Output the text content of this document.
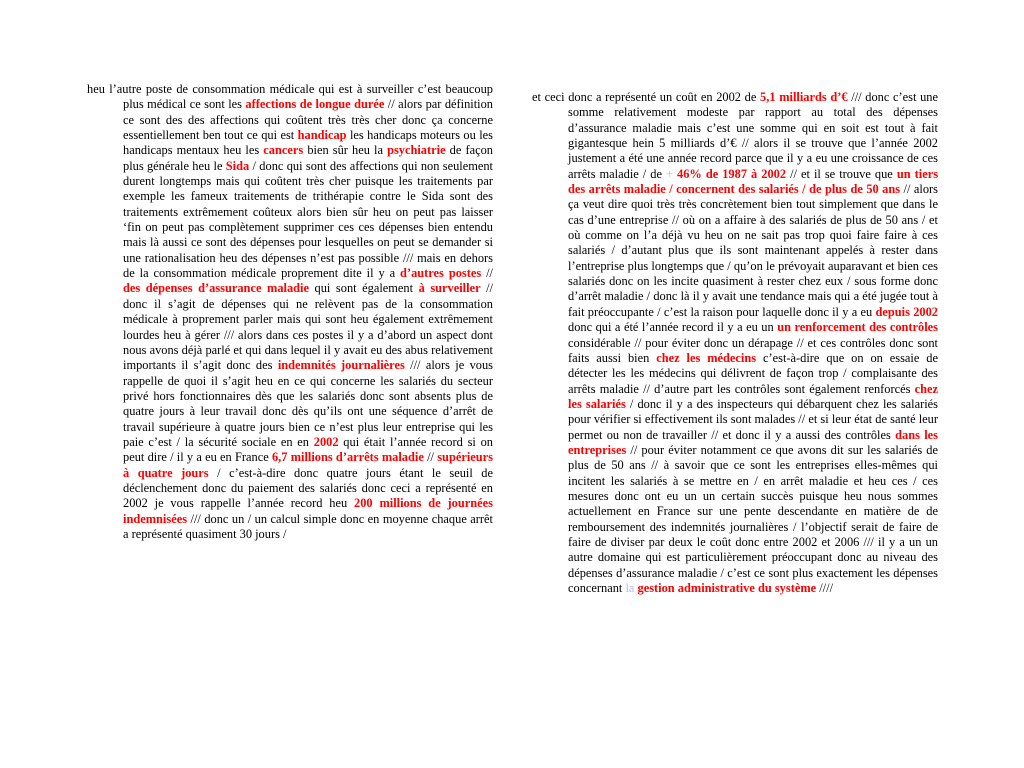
heu l’autre poste de consommation médicale qui est à surveiller c’est beaucoup plus médical ce sont les affections de longue durée // alors par définition ce sont des des affections qui coûtent très très cher donc ça concerne essentiellement ben tout ce qui est handicap les handicaps moteurs ou les handicaps mentaux heu les cancers bien sûr heu la psychiatrie de façon plus générale heu le Sida / donc qui sont des affections qui non seulement durent longtemps mais qui coûtent très cher puisque les traitements par exemple les fameux traitements de trithérapie contre le Sida sont des traitements extrêmement coûteux alors bien sûr heu on peut pas laisser ‘fin on peut pas complètement supprimer ces ces dépenses bien entendu mais là aussi ce sont des dépenses pour lesquelles on peut se demander si une rationalisation heu des dépenses n’est pas possible /// mais en dehors de la consommation médicale proprement dite il y a d’autres postes // des dépenses d’assurance maladie qui sont également à surveiller // donc il s’agit de dépenses qui ne relèvent pas de la consommation médicale à proprement parler mais qui sont heu également extrêmement lourdes heu à gérer /// alors dans ces postes il y a d’abord un aspect dont nous avons déjà parlé et qui dans lequel il y avait eu des abus relativement importants il s’agit donc des indemnités journalières /// alors je vous rappelle de quoi il s’agit heu en ce qui concerne les salariés du secteur privé hors fonctionnaires dès que les salariés donc sont absents plus de quatre jours à leur travail donc dès qu’ils ont une séquence d’arrêt de travail supérieure à quatre jours bien ce n’est plus leur entreprise qui les paie c’est / la sécurité sociale en en 2002 qui était l’année record si on peut dire / il y a eu en France 6,7 millions d’arrêts maladie // supérieurs à quatre jours / c’est-à-dire donc quatre jours étant le seuil de déclenchement donc du paiement des salariés donc ceci a représenté en 2002 je vous rappelle l’année record heu 200 millions de journées indemnisées /// donc un / un calcul simple donc en moyenne chaque arrêt a représenté quasiment 30 jours /
et ceci donc a représenté un coût en 2002 de 5,1 milliards d’€ /// donc c’est une somme relativement modeste par rapport au total des dépenses d’assurance maladie mais c’est une somme qui en soit est tout à fait gigantesque hein 5 milliards d’€ // alors il se trouve que l’année 2002 justement a été une année record parce que il y a eu une croissance de ces arrêts maladie / de + 46% de 1987 à 2002 // et il se trouve que un tiers des arrêts maladie / concernent des salariés / de plus de 50 ans // alors ça veut dire quoi très très concrètement bien tout simplement que dans le cas d’une entreprise // où on a affaire à des salariés de plus de 50 ans / et où comme on l’a déjà vu heu on ne sait pas trop quoi faire faire à ces salariés / d’autant plus que ils sont maintenant appelés à rester dans l’entreprise plus longtemps que / qu’on le prévoyait auparavant et bien ces salariés donc on les incite quasiment à rester chez eux / sous forme donc d’arrêt maladie / donc là il y avait une tendance mais qui a été jugée tout à fait préoccupante / c’est la raison pour laquelle donc il y a eu depuis 2002 donc qui a été l’année record il y a eu un un renforcement des contrôles considérable // pour éviter donc un dérapage // et ces contrôles donc sont faits aussi bien chez les médecins c’est-à-dire que on on essaie de détecter les les médecins qui délivrent de façon trop / complaisante des arrêts maladie // d’autre part les contrôles sont également renforcés chez les salariés / donc il y a des inspecteurs qui débarquent chez les salariés pour vérifier si effectivement ils sont malades // et si leur état de santé leur permet ou non de travailler // et donc il y a aussi des contrôles dans les entreprises // pour éviter notamment ce que avons dit sur les salariés de plus de 50 ans // à savoir que ce sont les entreprises elles-mêmes qui incitent les salariés à se mettre en / en arrêt maladie et heu ces / ces mesures donc ont eu un un certain succès puisque heu nous sommes actuellement en France sur une pente descendante en matière de de remboursement des indemnités journalières / l’objectif serait de faire de faire de diviser par deux le coût donc entre 2002 et 2006 /// il y a un un autre domaine qui est particulièrement préoccupant donc au niveau des dépenses d’assurance maladie / c’est ce sont plus exactement les dépenses concernant la gestion administrative du système ////
